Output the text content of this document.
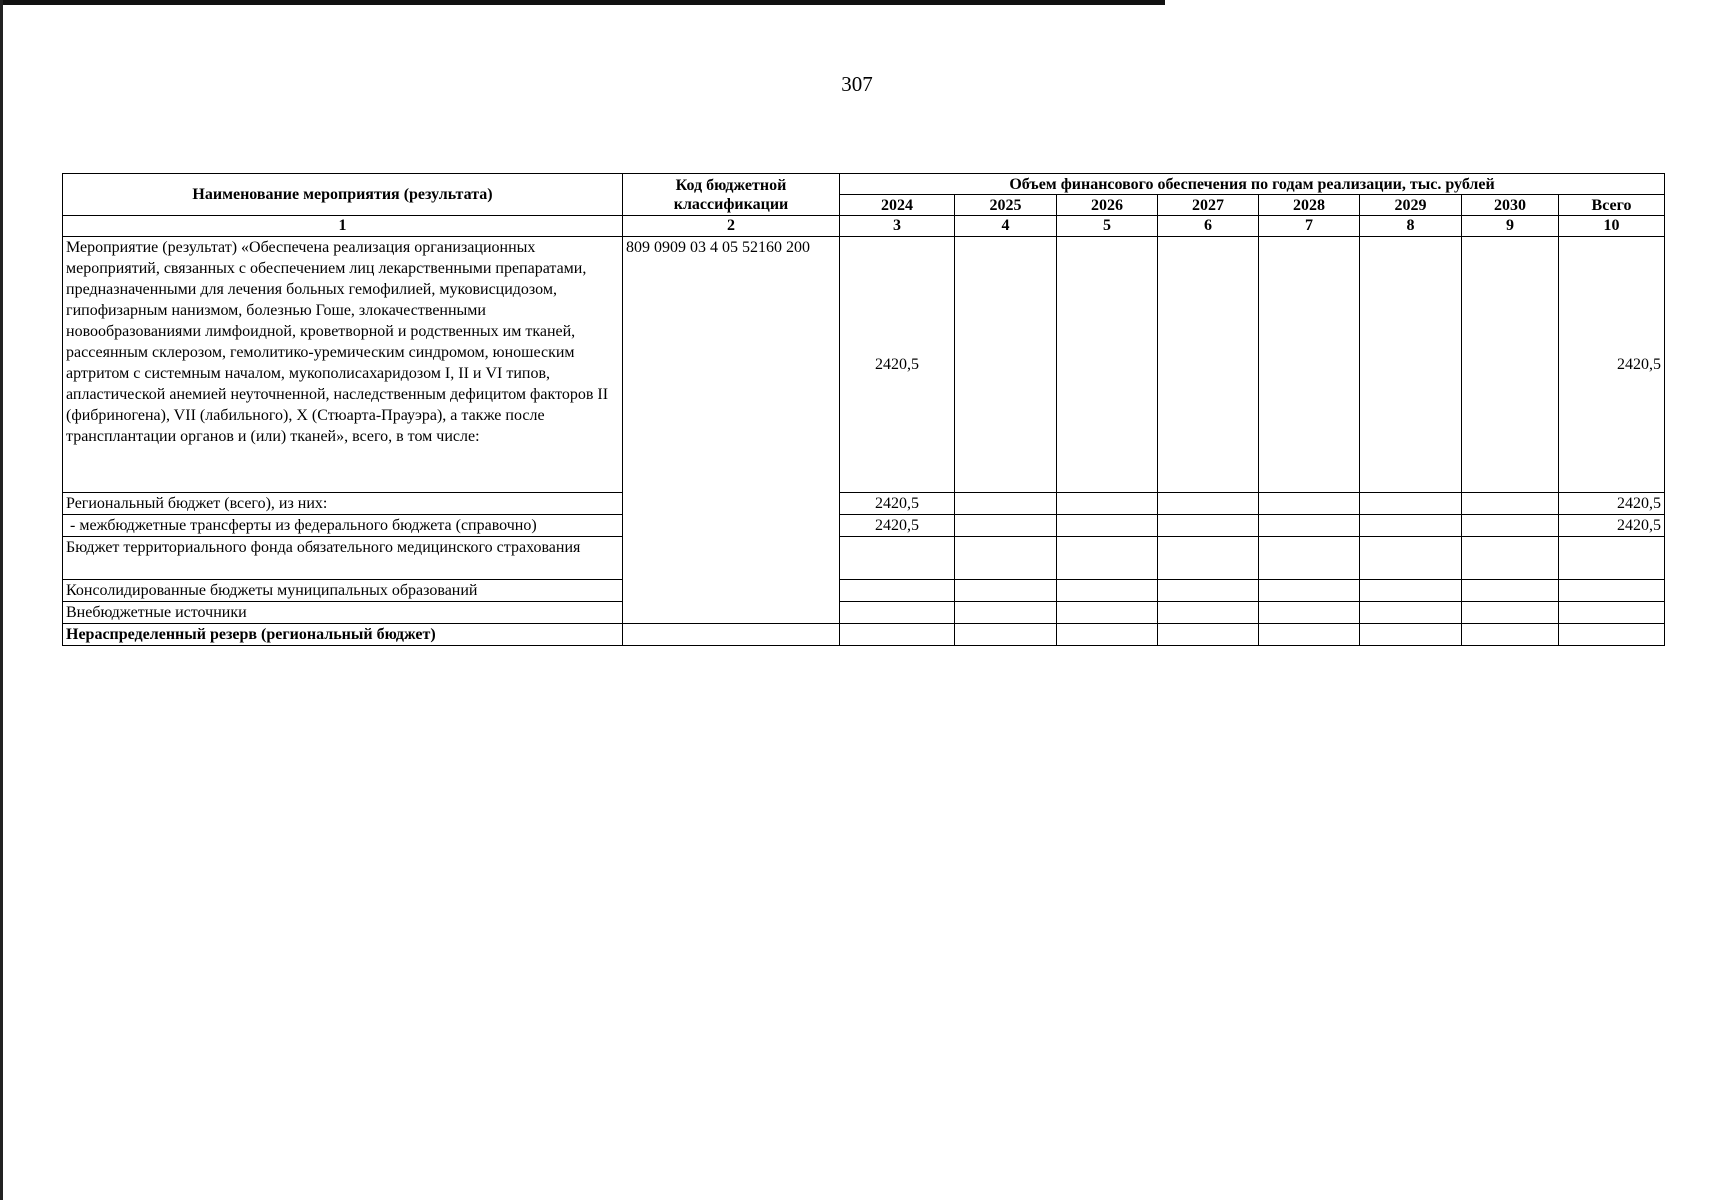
307
Наименование мероприятия (результата)	Код бюджетной классификации	Объем финансового обеспечения по годам реализации, тыс. рублей							
		2024	2025	2026	2027	2028	2029	2030	Всего
1	2	3	4	5	6	7	8	9	10
Мероприятие (результат) «Обеспечена реализация организационных мероприятий, связанных с обеспечением лиц лекарственными препаратами, предназначенными для лечения больных гемофилией, муковисцидозом, гипофизарным нанизмом, болезнью Гоше, злокачественными новообразованиями лимфоидной, кроветворной и родственных им тканей, рассеянным склерозом, гемолитико-уремическим синдромом, юношеским артритом с системным началом, мукополисахаридозом I, II и VI типов, апластической анемией неуточненной, наследственным дефицитом факторов II (фибриногена), VII (лабильного), X (Стюарта-Прауэра), а также после трансплантации органов и (или) тканей», всего, в том числе:	809 0909 03 4 05 52160 200	2420,5							2420,5
Региональный бюджет (всего), из них:		2420,5							2420,5
- межбюджетные трансферты из федерального бюджета (справочно)		2420,5							2420,5
Бюджет территориального фонда обязательного медицинского страхования									
Консолидированные бюджеты муниципальных образований									
Внебюджетные источники									
Нераспределенный резерв (региональный бюджет)									
